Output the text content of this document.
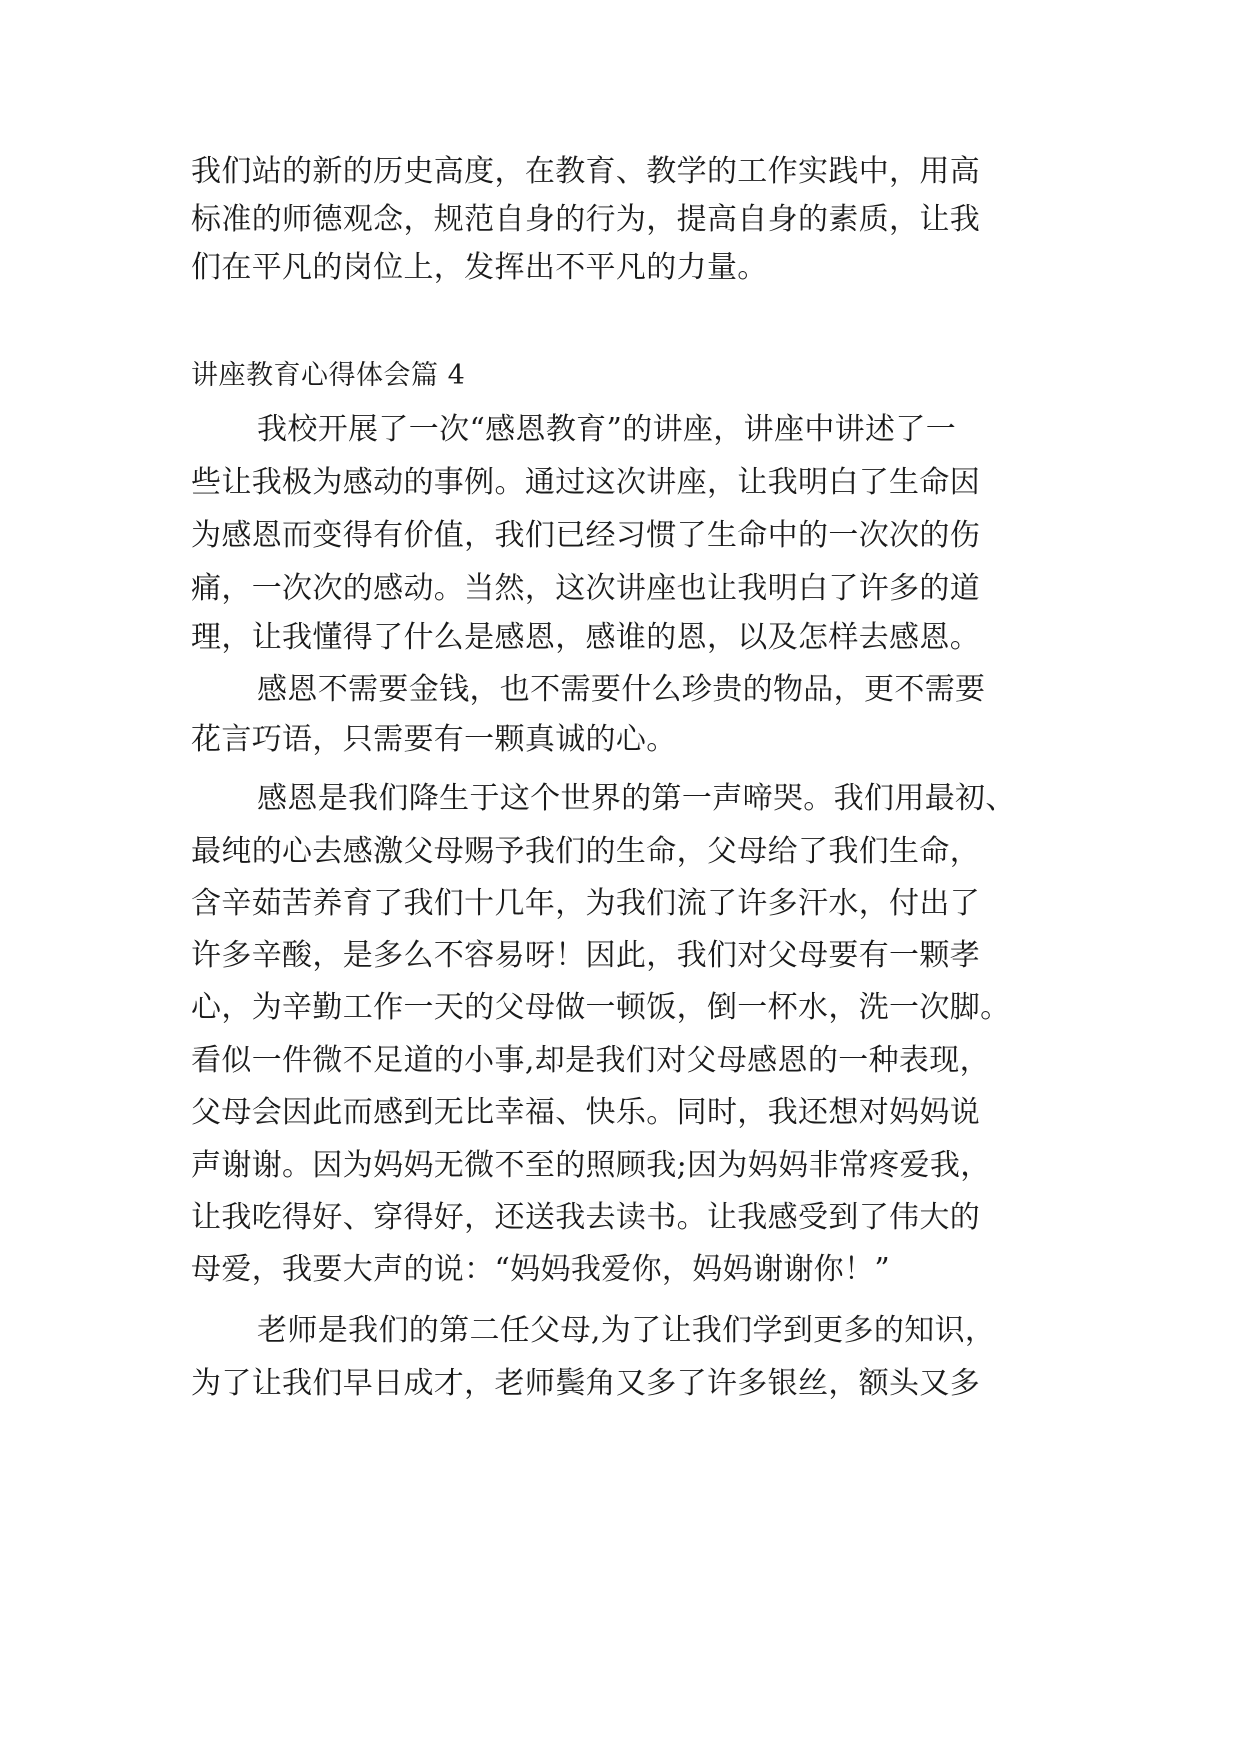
我们站的新的历史高度，在教育、教学的工作实践中，用高
标准的师德观念，规范自身的行为，提高自身的素质，让我
们在平凡的岗位上，发挥出不平凡的力量。
讲座教育心得体会篇 4
我校开展了一次“感恩教育”的讲座，讲座中讲述了一
些让我极为感动的事例。通过这次讲座，让我明白了生命因
为感恩而变得有价值，我们已经习惯了生命中的一次次的伤
痛，一次次的感动。当然，这次讲座也让我明白了许多的道
理，让我懂得了什么是感恩，感谁的恩，以及怎样去感恩。
感恩不需要金钱，也不需要什么珍贵的物品，更不需要
花言巧语，只需要有一颗真诚的心。
感恩是我们降生于这个世界的第一声啼哭。我们用最初、
最纯的心去感激父母赐予我们的生命，父母给了我们生命，
含辛茹苦养育了我们十几年，为我们流了许多汗水，付出了
许多辛酸，是多么不容易呀！因此，我们对父母要有一颗孝
心，为辛勤工作一天的父母做一顿饭，倒一杯水，洗一次脚。
看似一件微不足道的小事,却是我们对父母感恩的一种表现，
父母会因此而感到无比幸福、快乐。同时，我还想对妈妈说
声谢谢。因为妈妈无微不至的照顾我;因为妈妈非常疼爱我，
让我吃得好、穿得好，还送我去读书。让我感受到了伟大的
母爱，我要大声的说：“妈妈我爱你，妈妈谢谢你！”
老师是我们的第二任父母,为了让我们学到更多的知识，
为了让我们早日成才，老师鬓角又多了许多银丝，额头又多
